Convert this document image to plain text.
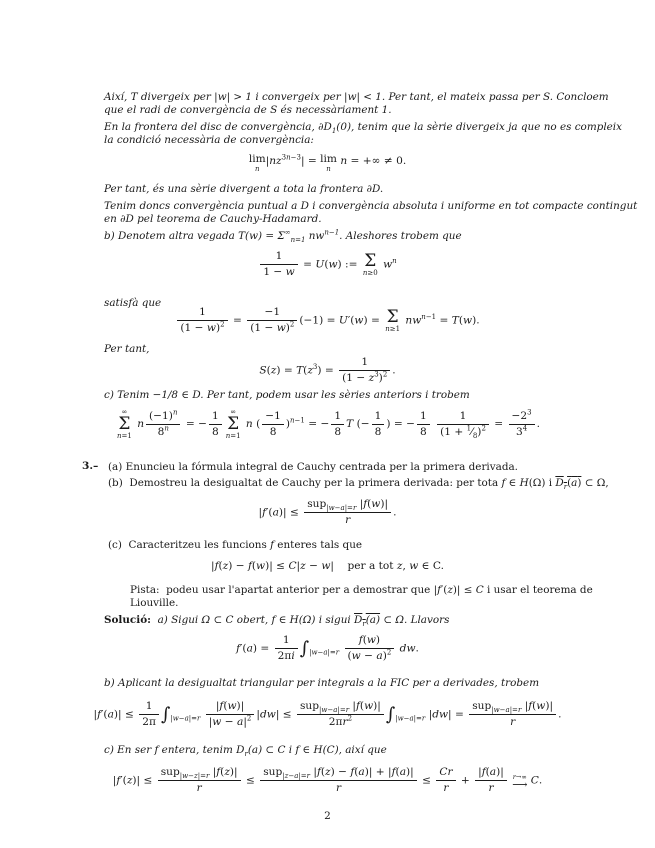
Així, T divergeix per |w| > 1 i convergeix per |w| < 1. Per tant, el mateix passa per S. Concloem
que el radi de convergència de S és necessàriament 1.
En la frontera del disc de convergència, $\partial D_1(0)$, tenim que la sèrie divergeix ja que no es compleix
la condició necessària de convergència:
lim
$n|nz^{3n-3}| = \lim$
n n = +∞ ≠ 0.
Per tant, és una sèrie divergent a tota la frontera ∂D.
Tenim doncs convergència puntual a D i convergència absoluta i uniforme en tot compacte contingut
en ∂D pel teorema de Cauchy-Hadamard.
b) Denotem altra vegada $T(w) = \Sigma^\infty_{n=1}$ $nw^{n-1}$. Aleshores trobem que
$\frac{1}{1 - w} = U(w)$ := Σ
n≥0 $w^n$
satisfà que
$\frac{1}{(1 - w)^2} = \frac{-1}{(1 - w)^2} (-1) = U'(w) = \Sigma$
n≥1 $nw^{n-1} = T(w)$.
Per tant,
$S(z) = T(z^3) = \frac{1}{(1 - z^3)^2}$ .
c) Tenim −1/8 ∈ D. Per tant, podem usar les sèries anteriors i trobem
∞
Σ
n=1 n $\frac{(-1)^n}{8^n}$ = − $\frac{1}{8}$	∞
Σ
n=1 n ( $\frac{-1}{8} )^{n-1}$ = − $\frac{1}{8}$ T (− $\frac{1}{8}$ ) = − $\frac{1}{8}$
$\frac{1}{(1 + ^1⁄_8)^2} = \frac{-2^3}{3^4}$ .
3.– (a) Enuncieu la fórmula integral de Cauchy centrada per la primera derivada.
(b)  Demostreu la desigualtat de Cauchy per la primera derivada: per tota f ∈ H(Ω) i $D_r(a)$ ⊂ Ω,
$|f'(a)| \le \frac{sup_{|w-a|=r} |f(w)|}{r}$ .
(c)  Caracteritzeu les funcions f enteres tals que
|f(z) − f(w)| ≤ C|z − w|    per a tot z, w ∈ C.
Pista:  podeu usar l'apartat anterior per a demostrar que |f′(z)| ≤ C i usar el teorema de
Liouville.
Solució: a) Sigui Ω ⊂ C obert, f ∈ H(Ω) i sigui $D_r(a)$ ⊂ Ω. Llavors
$f'(a) = \frac{1}{2\pi i} \int_{|w-a|=r} \frac{f(w)}{(w - a)^2}$ dw.
b) Aplicant la desigualtat triangular per integrals a la FIC per a derivades, trobem
$|f'(a)| \le \frac{1}{2\pi} \int_{|w-a|=r} \frac{|f(w)|}{|w - a|^2} |dw| \le \frac{sup_{|w-a|=r} |f(w)|}{2\pi r^2} \int_{|w-a|=r}$ $|dw| = \frac{sup_{|w-a|=r} |f(w)|}{r}$ .
c) En ser f entera, tenim $D_r(a)$ ⊂ C i f ∈ H(C), així que
$|f'(z)| \le \frac{sup_{|w-z|=r} |f(z)|}{r} \le \frac{sup_{|z-a|=r} |f(z) - f(a)| + |f(a)|}{r} \le \frac{Cr}{r} + \frac{|f(a)|}{r} r\to\infty$
⟶ C.
2
